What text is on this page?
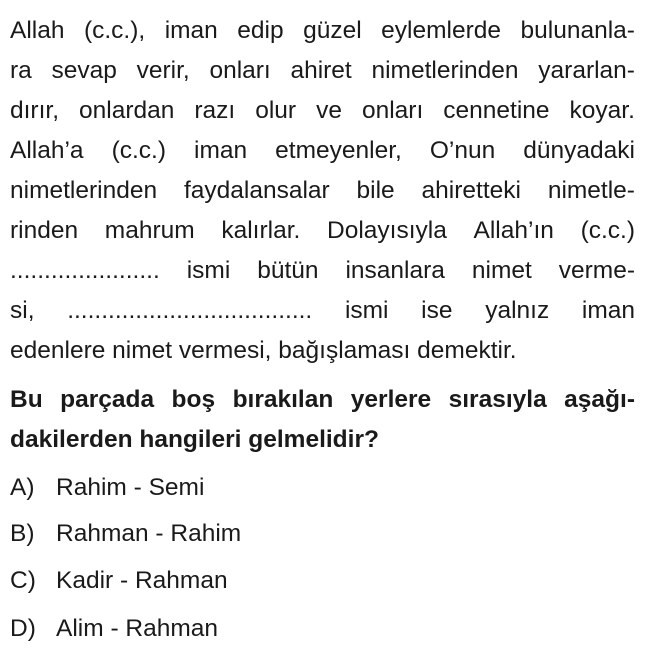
Allah (c.c.), iman edip güzel eylemlerde bulunanla-
ra sevap verir, onları ahiret nimetlerinden yararlan-
dırır, onlardan razı olur ve onları cennetine koyar.
Allah’a (c.c.) iman etmeyenler, O’nun dünyadaki
nimetlerinden faydalansalar bile ahiretteki nimetle-
rinden mahrum kalırlar. Dolayısıyla Allah’ın (c.c.)
...................... ismi bütün insanlara nimet verme-
si, .................................... ismi ise yalnız iman
edenlere nimet vermesi, bağışlaması demektir.
Bu parçada boş bırakılan yerlere sırasıyla aşağı-
dakilerden hangileri gelmelidir?
A) Rahim - Semi
B) Rahman - Rahim
C) Kadir - Rahman
D) Alim - Rahman
